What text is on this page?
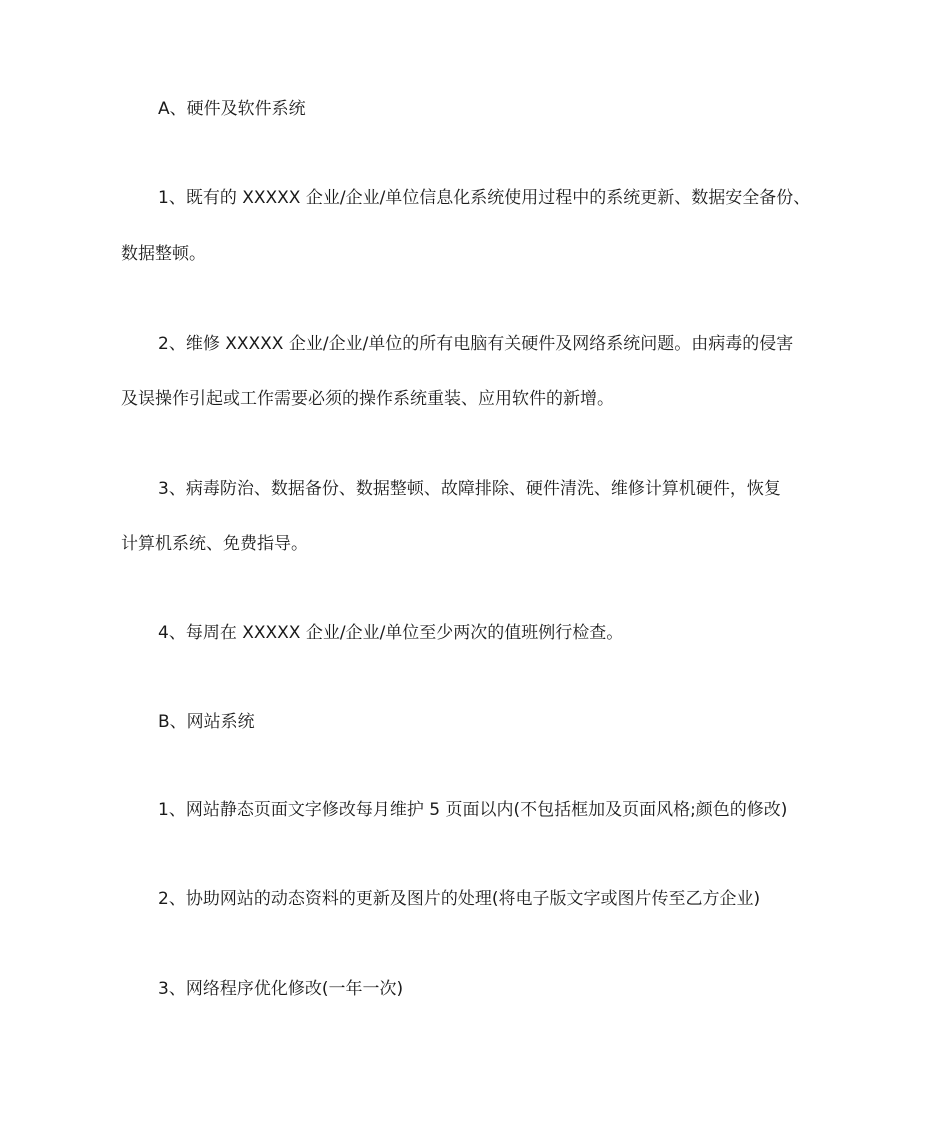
A、硬件及软件系统

1、既有的 XXXXX 企业/企业/单位信息化系统使用过程中的系统更新、数据安全备份、

数据整顿。

2、维修 XXXXX 企业/企业/单位的所有电脑有关硬件及网络系统问题。由病毒的侵害

及误操作引起或工作需要必须的操作系统重装、应用软件的新增。

3、病毒防治、数据备份、数据整顿、故障排除、硬件清洗、维修计算机硬件，恢复

计算机系统、免费指导。

4、每周在 XXXXX 企业/企业/单位至少两次的值班例行检查。

B、网站系统

1、网站静态页面文字修改每月维护 5 页面以内(不包括框加及页面风格;颜色的修改)

2、协助网站的动态资料的更新及图片的处理(将电子版文字或图片传至乙方企业)

3、网络程序优化修改(一年一次)
